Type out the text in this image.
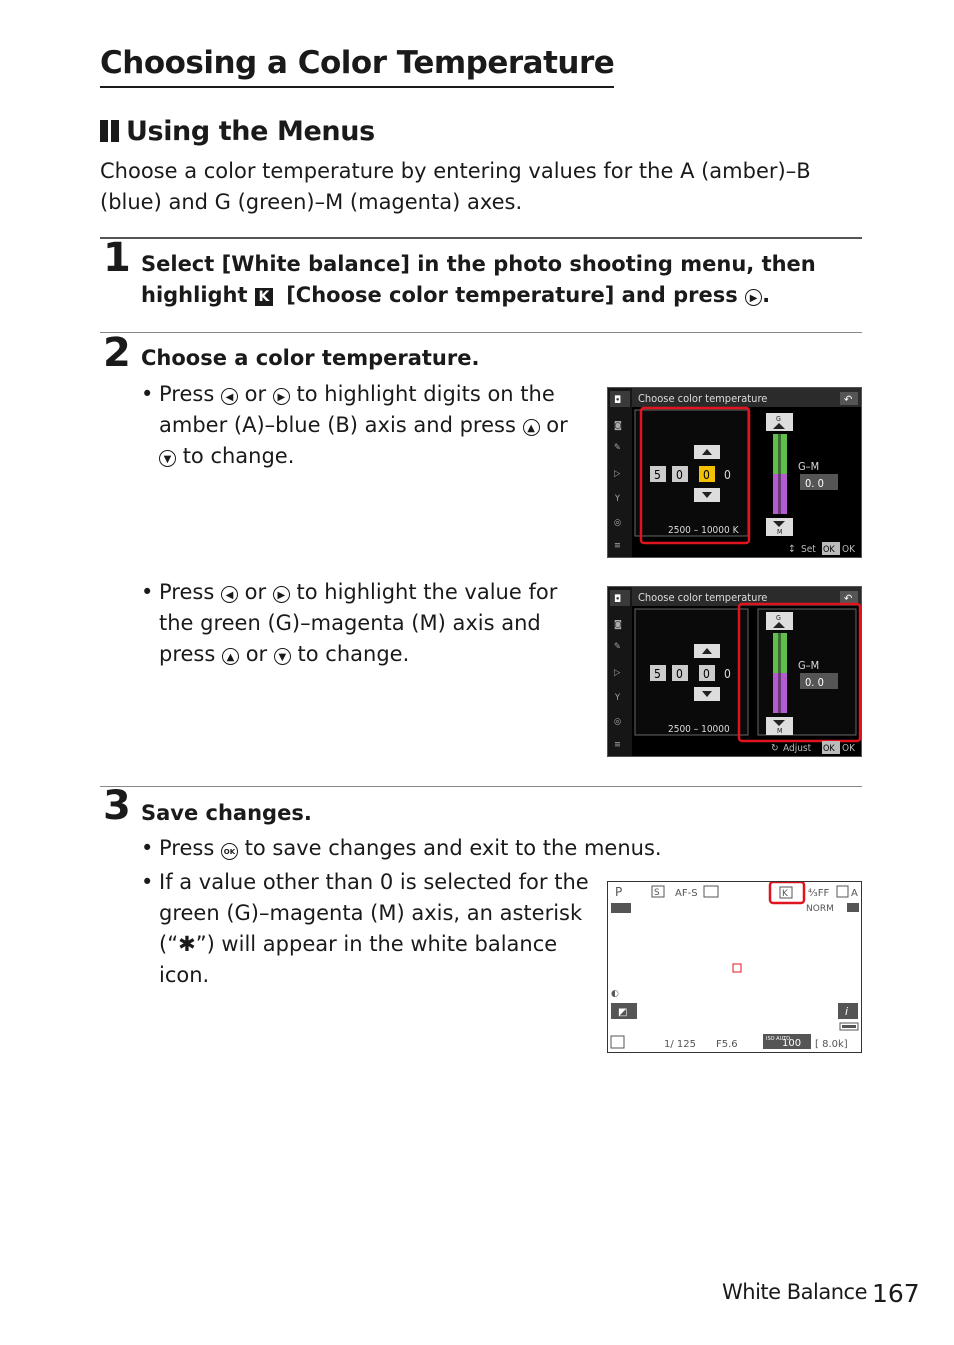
Choosing a Color Temperature
Using the Menus
Choose a color temperature by entering values for the A (amber)–B
(blue) and G (green)–M (magenta) axes.
1 Select [White balance] in the photo shooting menu, then
highlight K [Choose color temperature] and press ▶ .
2 Choose a color temperature.
• Press ◀ or ▶ to highlight digits on the
amber (A)–blue (B) axis and press ▲ or
▼ to change.
◘
◙
✎
▷
Y
◎
≡
Choose color temperature	↶
5 0 0 0
2500 – 10000 K
G
M
G–M
0. 0
↕ Set OK OK
• Press ◀ or ▶ to highlight the value for
the green (G)–magenta (M) axis and
press ▲ or ▼ to change.
◘
◙
✎
▷
Y
◎
≡
Choose color temperature	↶
5 0 0 0
2500 – 10000
G
M
G–M
0. 0
↻ Adjust OK OK
3 Save changes.
• Press OK to save changes and exit to the menus.
• If a value other than 0 is selected for the
green (G)–magenta (M) axis, an asterisk
(“✱”) will appear in the white balance
icon.
P	S AF-S	K ⁴⁄₃FF A
NORM
◐
◩	i
1/ 125 F5.6	ISO AUTO
100 [ 8.0k]
White Balance 167
